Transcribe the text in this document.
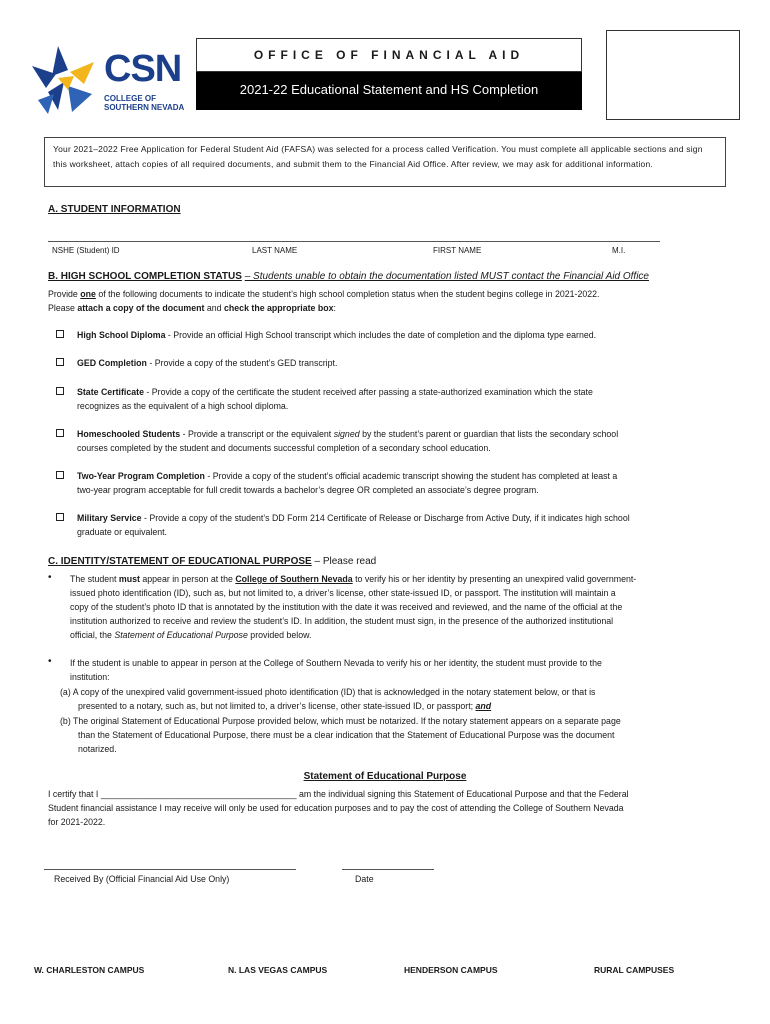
CSN
COLLEGE OF
SOUTHERN NEVADA
OFFICE OF FINANCIAL AID
2021-22 Educational Statement and HS Completion
Your 2021–2022 Free Application for Federal Student Aid (FAFSA) was selected for a process called Verification. You must complete all applicable sections and sign this worksheet, attach copies of all required documents, and submit them to the Financial Aid Office. After review, we may ask for additional information.
A. STUDENT INFORMATION
NSHE (Student) ID	LAST NAME	FIRST NAME	M.I.
B. HIGH SCHOOL COMPLETION STATUS – Students unable to obtain the documentation listed MUST contact the Financial Aid Office
Provide one of the following documents to indicate the student’s high school completion status when the student begins college in 2021-2022.
Please attach a copy of the document and check the appropriate box:
High School Diploma - Provide an official High School transcript which includes the date of completion and the diploma type earned.
GED Completion - Provide a copy of the student’s GED transcript.
State Certificate - Provide a copy of the certificate the student received after passing a state-authorized examination which the state
recognizes as the equivalent of a high school diploma.
Homeschooled Students - Provide a transcript or the equivalent signed by the student’s parent or guardian that lists the secondary school
courses completed by the student and documents successful completion of a secondary school education.
Two-Year Program Completion - Provide a copy of the student’s official academic transcript showing the student has completed at least a
two-year program acceptable for full credit towards a bachelor’s degree OR completed an associate’s degree program.
Military Service - Provide a copy of the student’s DD Form 214 Certificate of Release or Discharge from Active Duty, if it indicates high school
graduate or equivalent.
C. IDENTITY/STATEMENT OF EDUCATIONAL PURPOSE – Please read
• The student must appear in person at the College of Southern Nevada to verify his or her identity by presenting an unexpired valid government-
issued photo identification (ID), such as, but not limited to, a driver’s license, other state-issued ID, or passport. The institution will maintain a
copy of the student’s photo ID that is annotated by the institution with the date it was received and reviewed, and the name of the official at the
institution authorized to receive and review the student’s ID. In addition, the student must sign, in the presence of the authorized institutional
official, the Statement of Educational Purpose provided below.
• If the student is unable to appear in person at the College of Southern Nevada to verify his or her identity, the student must provide to the
institution:
(a) A copy of the unexpired valid government-issued photo identification (ID) that is acknowledged in the notary statement below, or that is
presented to a notary, such as, but not limited to, a driver’s license, other state-issued ID, or passport; and
(b) The original Statement of Educational Purpose provided below, which must be notarized. If the notary statement appears on a separate page
than the Statement of Educational Purpose, there must be a clear indication that the Statement of Educational Purpose was the document
notarized.
Statement of Educational Purpose
I certify that I ________________________________________ am the individual signing this Statement of Educational Purpose and that the Federal
Student financial assistance I may receive will only be used for education purposes and to pay the cost of attending the College of Southern Nevada
for 2021-2022.
Received By (Official Financial Aid Use Only)	Date
W. CHARLESTON CAMPUS	N. LAS VEGAS CAMPUS	HENDERSON CAMPUS	RURAL CAMPUSES
